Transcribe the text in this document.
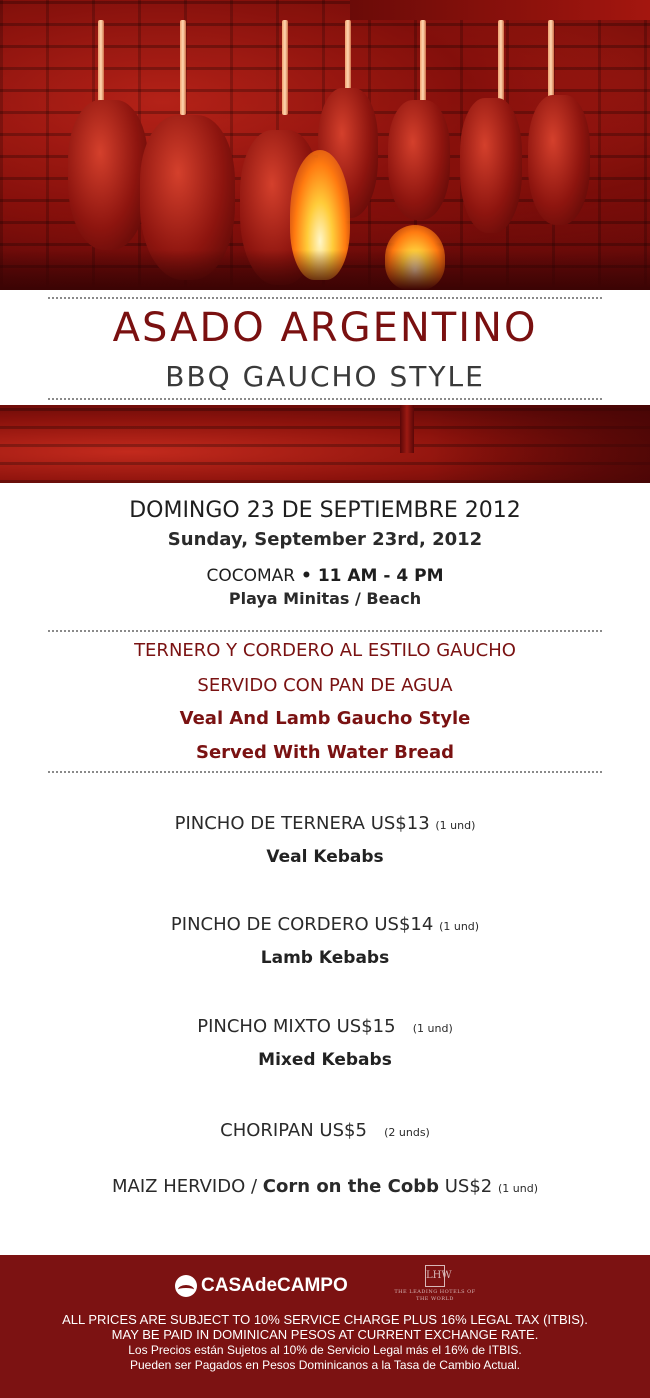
ASADO ARGENTINO
BBQ GAUCHO STYLE
DOMINGO 23 DE SEPTIEMBRE 2012
Sunday, September 23rd, 2012
COCOMAR • 11 AM - 4 PM
Playa Minitas / Beach
TERNERO Y CORDERO AL ESTILO GAUCHO
SERVIDO CON PAN DE AGUA
Veal And Lamb Gaucho Style
Served With Water Bread
PINCHO DE TERNERA US$13 (1 und)
Veal Kebabs
PINCHO DE CORDERO US$14 (1 und)
Lamb Kebabs
PINCHO MIXTO US$15 (1 und)
Mixed Kebabs
CHORIPAN US$5 (2 unds)
MAIZ HERVIDO / Corn on the Cobb US$2 (1 und)
CASAdeCAMPO	LHW
THE LEADING HOTELS OF THE WORLD
ALL PRICES ARE SUBJECT TO 10% SERVICE CHARGE PLUS 16% LEGAL TAX (ITBIS).
MAY BE PAID IN DOMINICAN PESOS AT CURRENT EXCHANGE RATE.
Los Precios están Sujetos al 10% de Servicio Legal más el 16% de ITBIS.
Pueden ser Pagados en Pesos Dominicanos a la Tasa de Cambio Actual.
